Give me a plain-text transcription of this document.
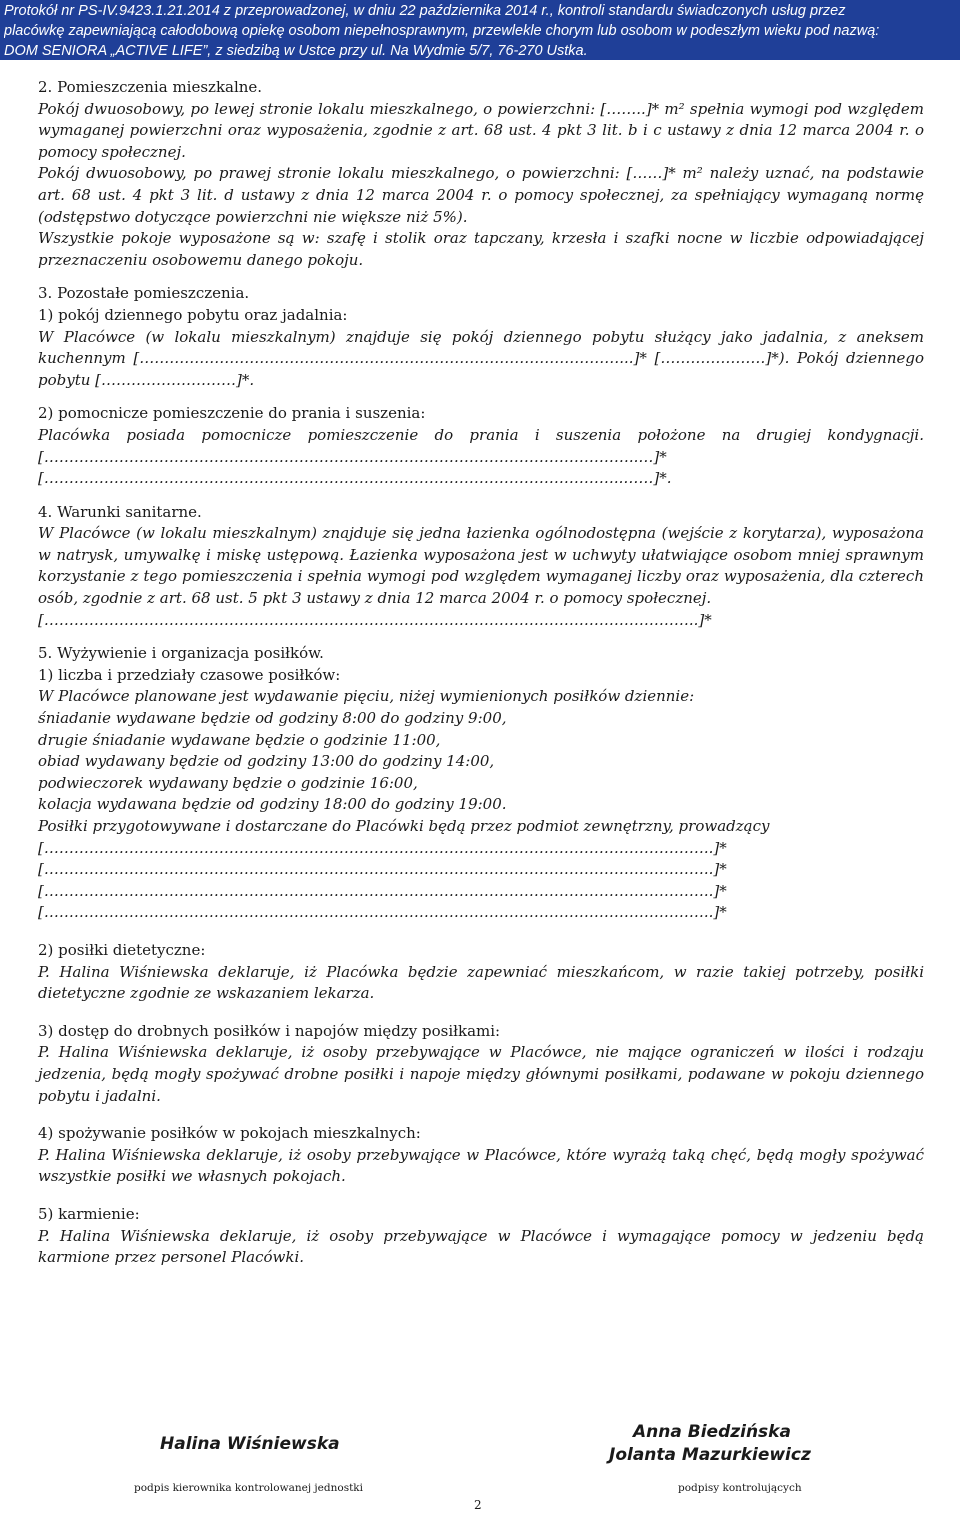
Protokół nr PS-IV.9423.1.21.2014 z przeprowadzonej, w dniu 22 października 2014 r., kontroli standardu świadczonych usług przez
placówkę zapewniającą całodobową opiekę osobom niepełnosprawnym, przewlekle chorym lub osobom w podeszłym wieku pod nazwą:
DOM SENIORA „ACTIVE LIFE”, z siedzibą w Ustce przy ul. Na Wydmie 5/7, 76-270 Ustka.

2. Pomieszczenia mieszkalne.

Pokój dwuosobowy, po lewej stronie lokalu mieszkalnego, o powierzchni: [……..]* m² spełnia wymogi pod względem wymaganej powierzchni oraz wyposażenia, zgodnie z art. 68 ust. 4 pkt 3 lit. b i c ustawy z dnia 12 marca 2004 r. o pomocy społecznej.

Pokój dwuosobowy, po prawej stronie lokalu mieszkalnego, o powierzchni: [……]* m² należy uznać, na podstawie art. 68 ust. 4 pkt 3 lit. d ustawy z dnia 12 marca 2004 r. o pomocy społecznej, za spełniający wymaganą normę (odstępstwo dotyczące powierzchni nie większe niż 5%).

Wszystkie pokoje wyposażone są w: szafę i stolik oraz tapczany, krzesła i szafki nocne w liczbie odpowiadającej przeznaczeniu osobowemu danego pokoju.

3. Pozostałe pomieszczenia.

1) pokój dziennego pobytu oraz jadalnia:

W Placówce (w lokalu mieszkalnym) znajduje się pokój dziennego pobytu służący jako jadalnia, z aneksem kuchennym [……………………………………………………………………………………...]* […………………]*). Pokój dziennego pobytu [………………………]*.

2) pomocnicze pomieszczenie do prania i suszenia:

Placówka posiada pomocnicze pomieszczenie do prania i suszenia położone na drugiej kondygnacji. [………………………………………………………………………………………………………..…]* [……………………………………………………………………………………………………..……]*.

4. Warunki sanitarne.

W Placówce (w lokalu mieszkalnym) znajduje się jedna łazienka ogólnodostępna (wejście z korytarza), wyposażona w natrysk, umywalkę i miskę ustępową. Łazienka wyposażona jest w uchwyty ułatwiające osobom mniej sprawnym korzystanie z tego pomieszczenia i spełnia wymogi pod względem wymaganej liczby oraz wyposażenia, dla czterech osób, zgodnie z art. 68 ust. 5 pkt 3 ustawy z dnia 12 marca 2004 r. o pomocy społecznej.

[…………………………………………………………………………………………………………………..]*

5. Wyżywienie i organizacja posiłków.

1) liczba i przedziały czasowe posiłków:

W Placówce planowane jest wydawanie pięciu, niżej wymienionych posiłków dziennie:

śniadanie wydawane będzie od godziny 8:00 do godziny 9:00,

drugie śniadanie wydawane będzie o godzinie 11:00,

obiad wydawany będzie od godziny 13:00 do godziny 14:00,

podwieczorek wydawany będzie o godzinie 16:00,

kolacja wydawana będzie od godziny 18:00 do godziny 19:00.

Posiłki przygotowywane i dostarczane do Placówki będą przez podmiot zewnętrzny, prowadzący

[……………………………………………………………………………………………………………………..]*

[……………………………………………………………………………………………………………………..]*

[……………………………………………………………………………………………………………………..]*

[……………………………………………………………………………………………………………………..]*

2) posiłki dietetyczne:

P. Halina Wiśniewska deklaruje, iż Placówka będzie zapewniać mieszkańcom, w razie takiej potrzeby, posiłki dietetyczne zgodnie ze wskazaniem lekarza.

3) dostęp do drobnych posiłków i napojów między posiłkami:

P. Halina Wiśniewska deklaruje, iż osoby przebywające w Placówce, nie mające ograniczeń w ilości i rodzaju jedzenia, będą mogły spożywać drobne posiłki i napoje między głównymi posiłkami, podawane w pokoju dziennego pobytu i jadalni.

4) spożywanie posiłków w pokojach mieszkalnych:

P. Halina Wiśniewska deklaruje, iż osoby przebywające w Placówce, które wyrażą taką chęć, będą mogły spożywać wszystkie posiłki we własnych pokojach.

5) karmienie:

P. Halina Wiśniewska deklaruje, iż osoby przebywające w Placówce i wymagające pomocy w jedzeniu będą karmione przez personel Placówki.

Halina Wiśniewska
Anna Biedzińska
Jolanta Mazurkiewicz
podpis kierownika kontrolowanej jednostki	podpisy kontrolujących
2
